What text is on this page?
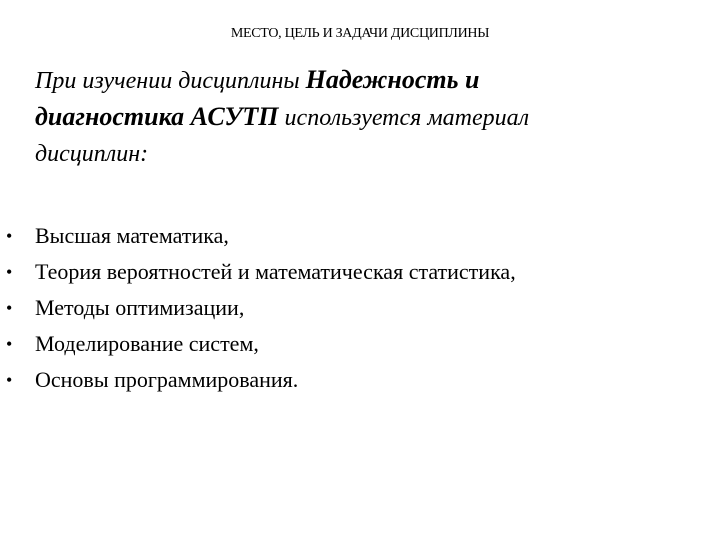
МЕСТО, ЦЕЛЬ И ЗАДАЧИ ДИСЦИПЛИНЫ
При изучении дисциплины Надежность и
диагностика АСУТП используется материал
дисциплин:
• Высшая математика,
• Теория вероятностей и математическая статистика,
• Методы оптимизации,
• Моделирование систем,
• Основы программирования.
